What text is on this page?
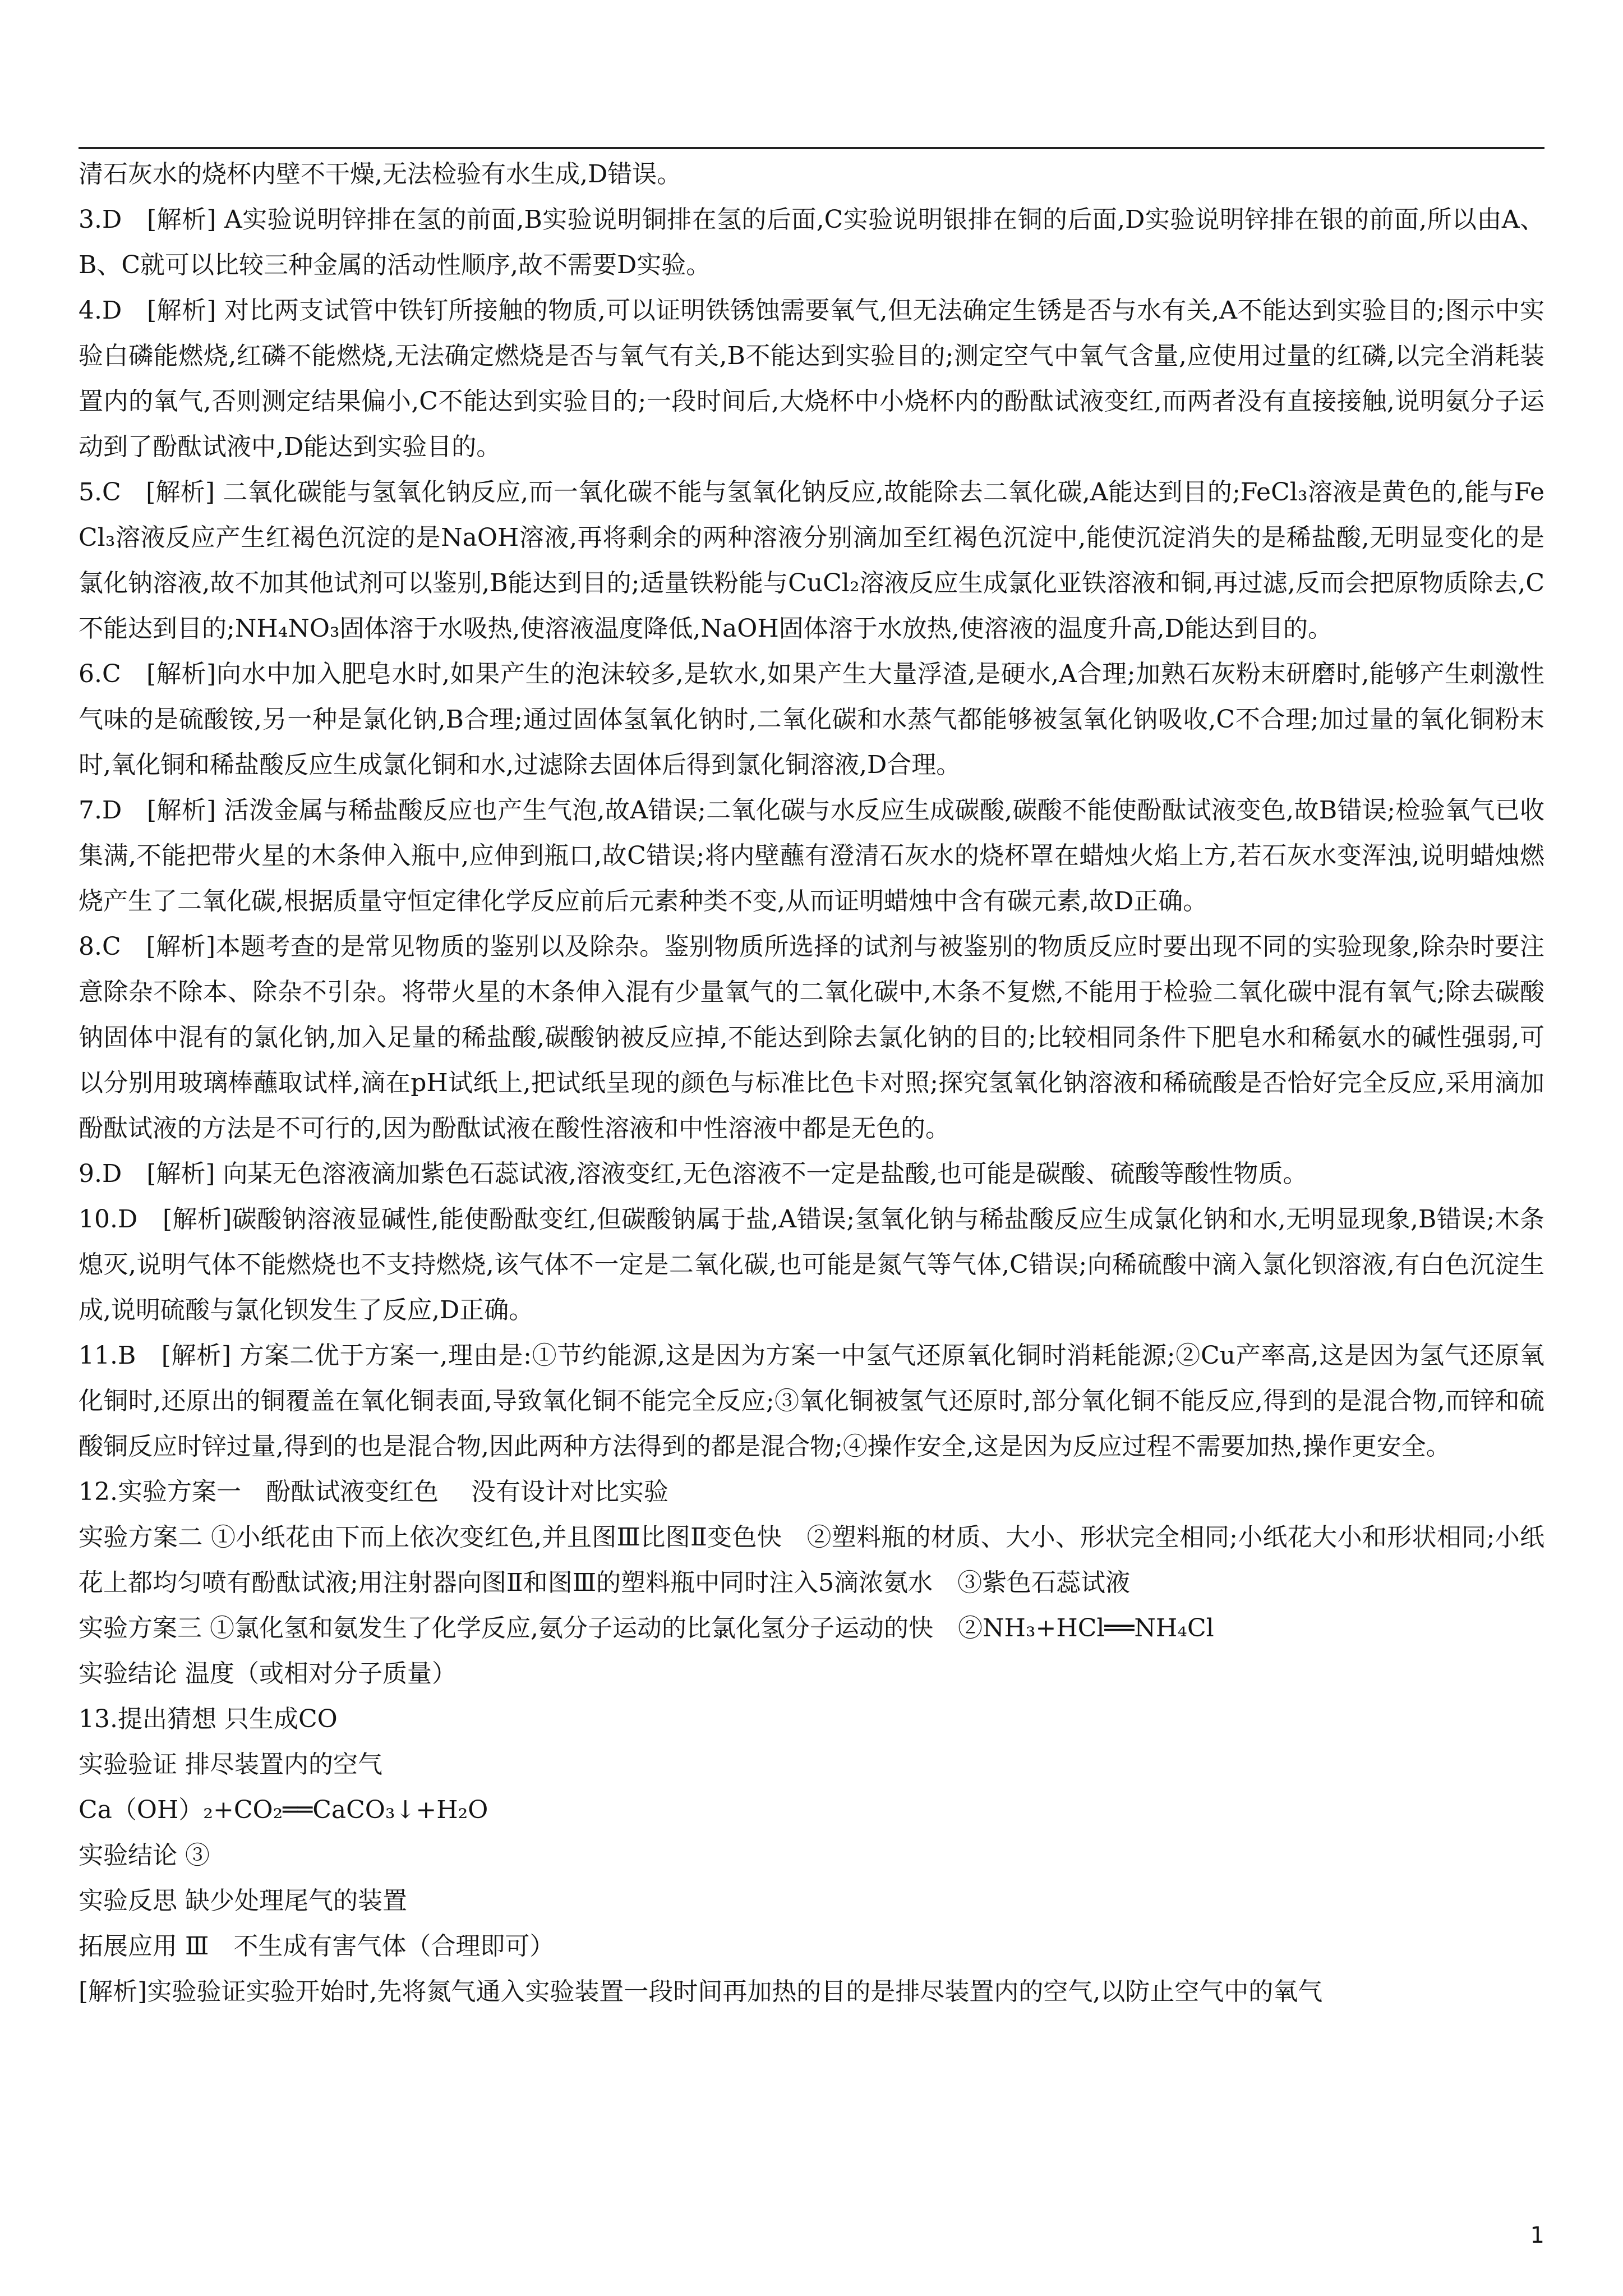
清石灰水的烧杯内壁不干燥,无法检验有水生成,D错误。

3.D　[解析] A实验说明锌排在氢的前面,B实验说明铜排在氢的后面,C实验说明银排在铜的后面,D实验说明锌排在银的前面,所以由A、B、C就可以比较三种金属的活动性顺序,故不需要D实验。

4.D　[解析] 对比两支试管中铁钉所接触的物质,可以证明铁锈蚀需要氧气,但无法确定生锈是否与水有关,A不能达到实验目的;图示中实验白磷能燃烧,红磷不能燃烧,无法确定燃烧是否与氧气有关,B不能达到实验目的;测定空气中氧气含量,应使用过量的红磷,以完全消耗装置内的氧气,否则测定结果偏小,C不能达到实验目的;一段时间后,大烧杯中小烧杯内的酚酞试液变红,而两者没有直接接触,说明氨分子运动到了酚酞试液中,D能达到实验目的。

5.C　[解析] 二氧化碳能与氢氧化钠反应,而一氧化碳不能与氢氧化钠反应,故能除去二氧化碳,A能达到目的;FeCl₃溶液是黄色的,能与FeCl₃溶液反应产生红褐色沉淀的是NaOH溶液,再将剩余的两种溶液分别滴加至红褐色沉淀中,能使沉淀消失的是稀盐酸,无明显变化的是氯化钠溶液,故不加其他试剂可以鉴别,B能达到目的;适量铁粉能与CuCl₂溶液反应生成氯化亚铁溶液和铜,再过滤,反而会把原物质除去,C不能达到目的;NH₄NO₃固体溶于水吸热,使溶液温度降低,NaOH固体溶于水放热,使溶液的温度升高,D能达到目的。

6.C　[解析]向水中加入肥皂水时,如果产生的泡沫较多,是软水,如果产生大量浮渣,是硬水,A合理;加熟石灰粉末研磨时,能够产生刺激性气味的是硫酸铵,另一种是氯化钠,B合理;通过固体氢氧化钠时,二氧化碳和水蒸气都能够被氢氧化钠吸收,C不合理;加过量的氧化铜粉末时,氧化铜和稀盐酸反应生成氯化铜和水,过滤除去固体后得到氯化铜溶液,D合理。

7.D　[解析] 活泼金属与稀盐酸反应也产生气泡,故A错误;二氧化碳与水反应生成碳酸,碳酸不能使酚酞试液变色,故B错误;检验氧气已收集满,不能把带火星的木条伸入瓶中,应伸到瓶口,故C错误;将内壁蘸有澄清石灰水的烧杯罩在蜡烛火焰上方,若石灰水变浑浊,说明蜡烛燃烧产生了二氧化碳,根据质量守恒定律化学反应前后元素种类不变,从而证明蜡烛中含有碳元素,故D正确。

8.C　[解析]本题考查的是常见物质的鉴别以及除杂。鉴别物质所选择的试剂与被鉴别的物质反应时要出现不同的实验现象,除杂时要注意除杂不除本、除杂不引杂。将带火星的木条伸入混有少量氧气的二氧化碳中,木条不复燃,不能用于检验二氧化碳中混有氧气;除去碳酸钠固体中混有的氯化钠,加入足量的稀盐酸,碳酸钠被反应掉,不能达到除去氯化钠的目的;比较相同条件下肥皂水和稀氨水的碱性强弱,可以分别用玻璃棒蘸取试样,滴在pH试纸上,把试纸呈现的颜色与标准比色卡对照;探究氢氧化钠溶液和稀硫酸是否恰好完全反应,采用滴加酚酞试液的方法是不可行的,因为酚酞试液在酸性溶液和中性溶液中都是无色的。

9.D　[解析] 向某无色溶液滴加紫色石蕊试液,溶液变红,无色溶液不一定是盐酸,也可能是碳酸、硫酸等酸性物质。

10.D　[解析]碳酸钠溶液显碱性,能使酚酞变红,但碳酸钠属于盐,A错误;氢氧化钠与稀盐酸反应生成氯化钠和水,无明显现象,B错误;木条熄灭,说明气体不能燃烧也不支持燃烧,该气体不一定是二氧化碳,也可能是氮气等气体,C错误;向稀硫酸中滴入氯化钡溶液,有白色沉淀生成,说明硫酸与氯化钡发生了反应,D正确。

11.B　[解析] 方案二优于方案一,理由是:①节约能源,这是因为方案一中氢气还原氧化铜时消耗能源;②Cu产率高,这是因为氢气还原氧化铜时,还原出的铜覆盖在氧化铜表面,导致氧化铜不能完全反应;③氧化铜被氢气还原时,部分氧化铜不能反应,得到的是混合物,而锌和硫酸铜反应时锌过量,得到的也是混合物,因此两种方法得到的都是混合物;④操作安全,这是因为反应过程不需要加热,操作更安全。

12.实验方案一　酚酞试液变红色　 没有设计对比实验

实验方案二 ①小纸花由下而上依次变红色,并且图Ⅲ比图Ⅱ变色快　②塑料瓶的材质、大小、形状完全相同;小纸花大小和形状相同;小纸花上都均匀喷有酚酞试液;用注射器向图Ⅱ和图Ⅲ的塑料瓶中同时注入5滴浓氨水　③紫色石蕊试液

实验方案三 ①氯化氢和氨发生了化学反应,氨分子运动的比氯化氢分子运动的快　②NH₃+HCl══NH₄Cl

实验结论 温度（或相对分子质量）

13.提出猜想 只生成CO

实验验证 排尽装置内的空气

Ca（OH）₂+CO₂══CaCO₃↓+H₂O

实验结论 ③

实验反思 缺少处理尾气的装置

拓展应用 Ⅲ　不生成有害气体（合理即可）

[解析]实验验证实验开始时,先将氮气通入实验装置一段时间再加热的目的是排尽装置内的空气,以防止空气中的氧气

1
